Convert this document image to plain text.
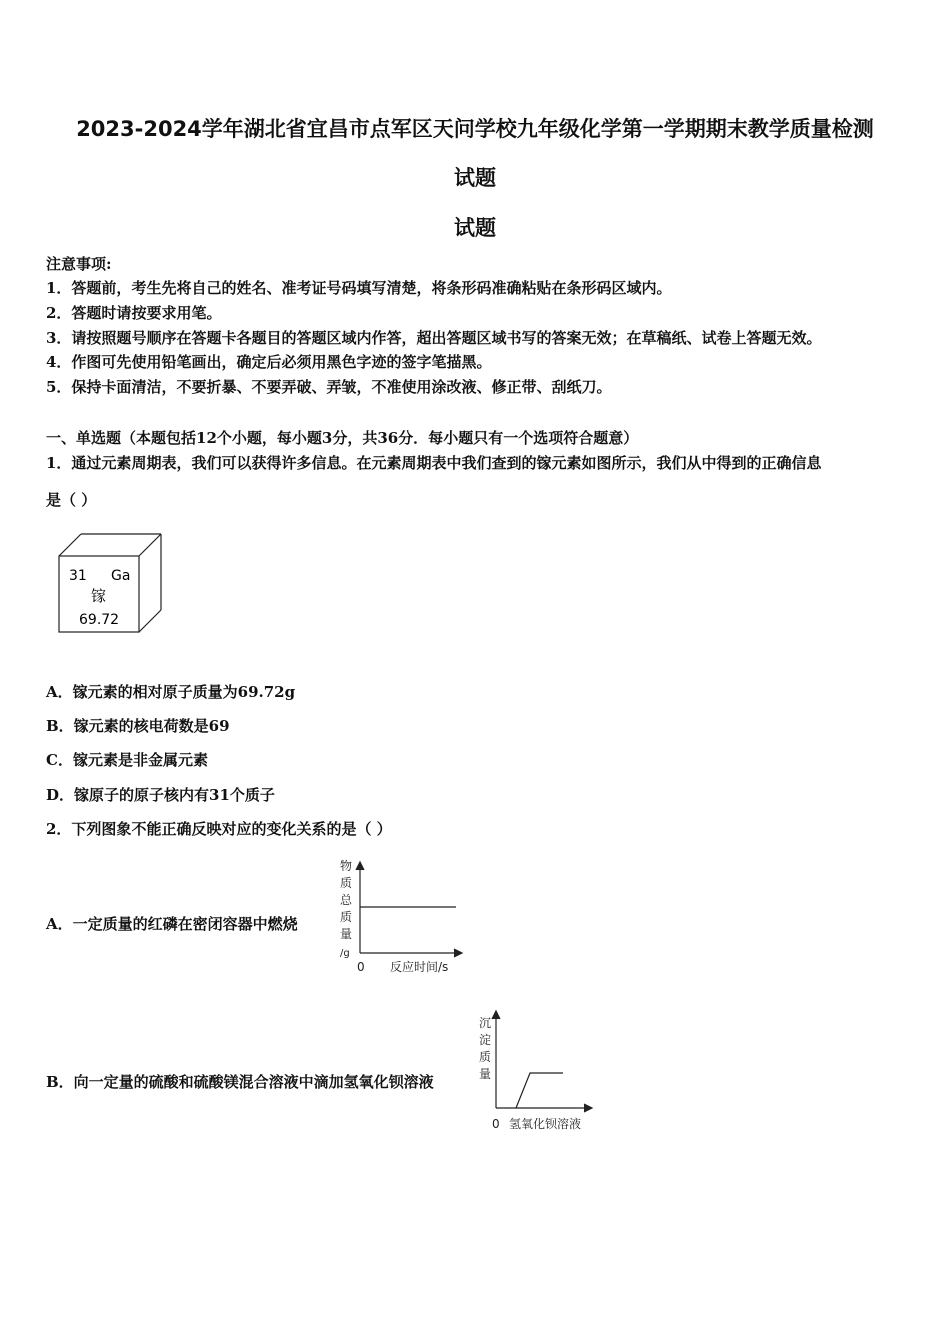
2023-2024学年湖北省宜昌市点军区天问学校九年级化学第一学期期末教学质量检测
试题
试题
注意事项:
1．答题前，考生先将自己的姓名、准考证号码填写清楚，将条形码准确粘贴在条形码区域内。
2．答题时请按要求用笔。
3．请按照题号顺序在答题卡各题目的答题区域内作答，超出答题区域书写的答案无效；在草稿纸、试卷上答题无效。
4．作图可先使用铅笔画出，确定后必须用黑色字迹的签字笔描黑。
5．保持卡面清洁，不要折暴、不要弄破、弄皱，不准使用涂改液、修正带、刮纸刀。
一、单选题（本题包括12个小题，每小题3分，共36分．每小题只有一个选项符合题意）
1．通过元素周期表，我们可以获得许多信息。在元素周期表中我们查到的镓元素如图所示，我们从中得到的正确信息
是（ ）
31 Ga
镓
69.72
A．镓元素的相对原子质量为69.72g
B．镓元素的核电荷数是69
C．镓元素是非金属元素
D．镓原子的原子核内有31个质子
2．下列图象不能正确反映对应的变化关系的是（ ）
A．一定质量的红磷在密闭容器中燃烧
物
质
总
质
量
/g
0 反应时间/s
B．向一定量的硫酸和硫酸镁混合溶液中滴加氢氧化钡溶液
沉
淀
质
量
0 氢氧化钡溶液
